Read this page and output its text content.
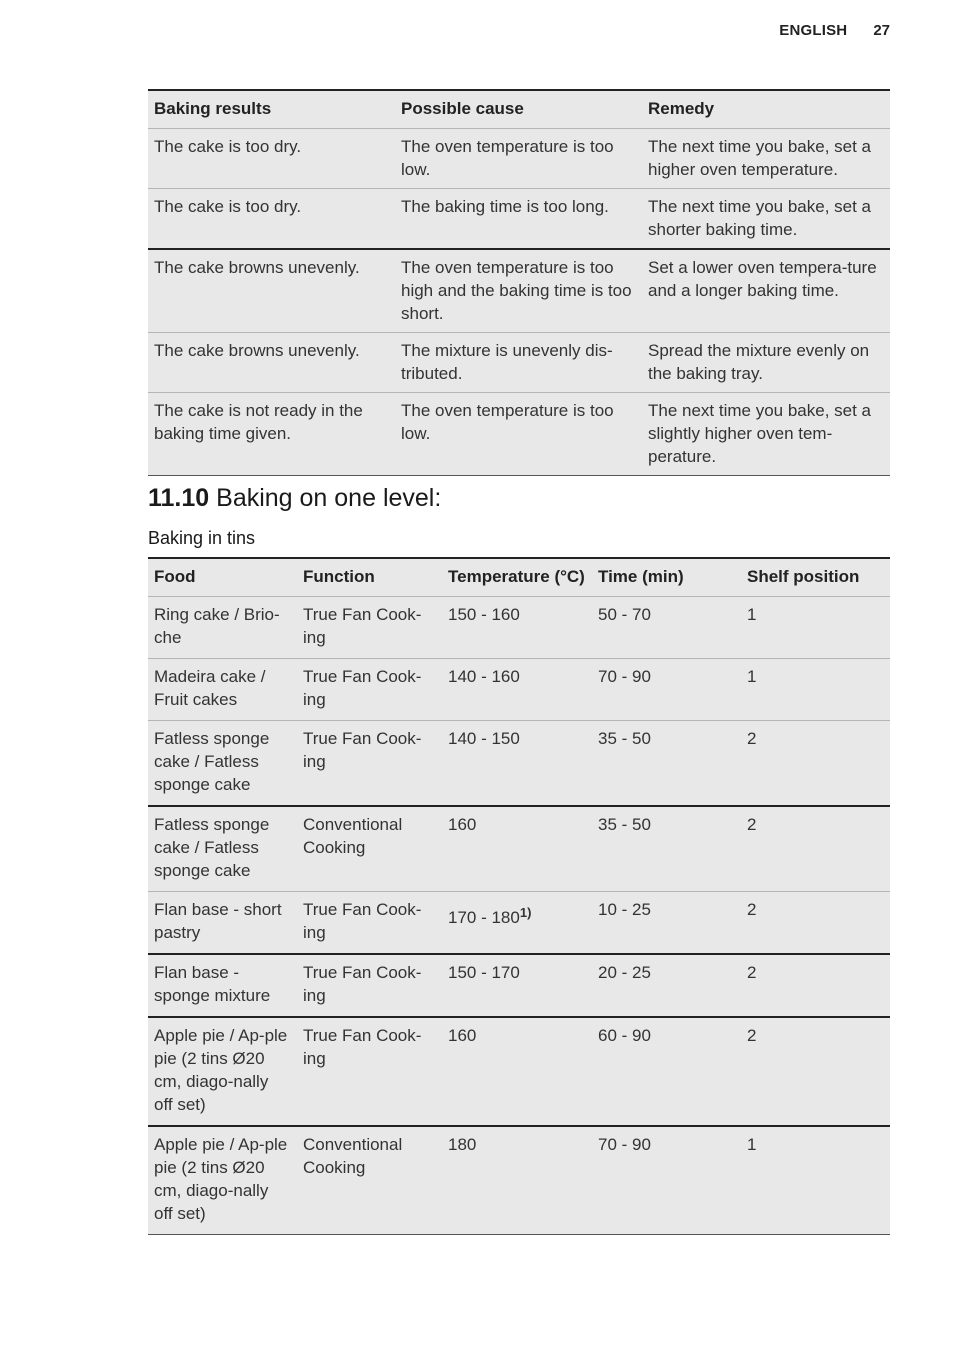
ENGLISH 27
Baking results	Possible cause	Remedy
The cake is too dry.	The oven temperature is too low.	The next time you bake, set a higher oven temperature.
The cake is too dry.	The baking time is too long.	The next time you bake, set a shorter baking time.
The cake browns unevenly.	The oven temperature is too high and the baking time is too short.	Set a lower oven tempera-ture and a longer baking time.
The cake browns unevenly.	The mixture is unevenly dis-tributed.	Spread the mixture evenly on the baking tray.
The cake is not ready in the baking time given.	The oven temperature is too low.	The next time you bake, set a slightly higher oven tem-perature.
11.10 Baking on one level:
Baking in tins
Food	Function	Temperature (°C)	Time (min)	Shelf position
Ring cake / Brio-che	True Fan Cook-ing	150 - 160	50 - 70	1
Madeira cake / Fruit cakes	True Fan Cook-ing	140 - 160	70 - 90	1
Fatless sponge cake / Fatless sponge cake	True Fan Cook-ing	140 - 150	35 - 50	2
Fatless sponge cake / Fatless sponge cake	Conventional Cooking	160	35 - 50	2
Flan base - short pastry	True Fan Cook-ing	170 - 180$^{1)}$	10 - 25	2
Flan base - sponge mixture	True Fan Cook-ing	150 - 170	20 - 25	2
Apple pie / Ap-ple pie (2 tins Ø20 cm, diago-nally off set)	True Fan Cook-ing	160	60 - 90	2
Apple pie / Ap-ple pie (2 tins Ø20 cm, diago-nally off set)	Conventional Cooking	180	70 - 90	1
